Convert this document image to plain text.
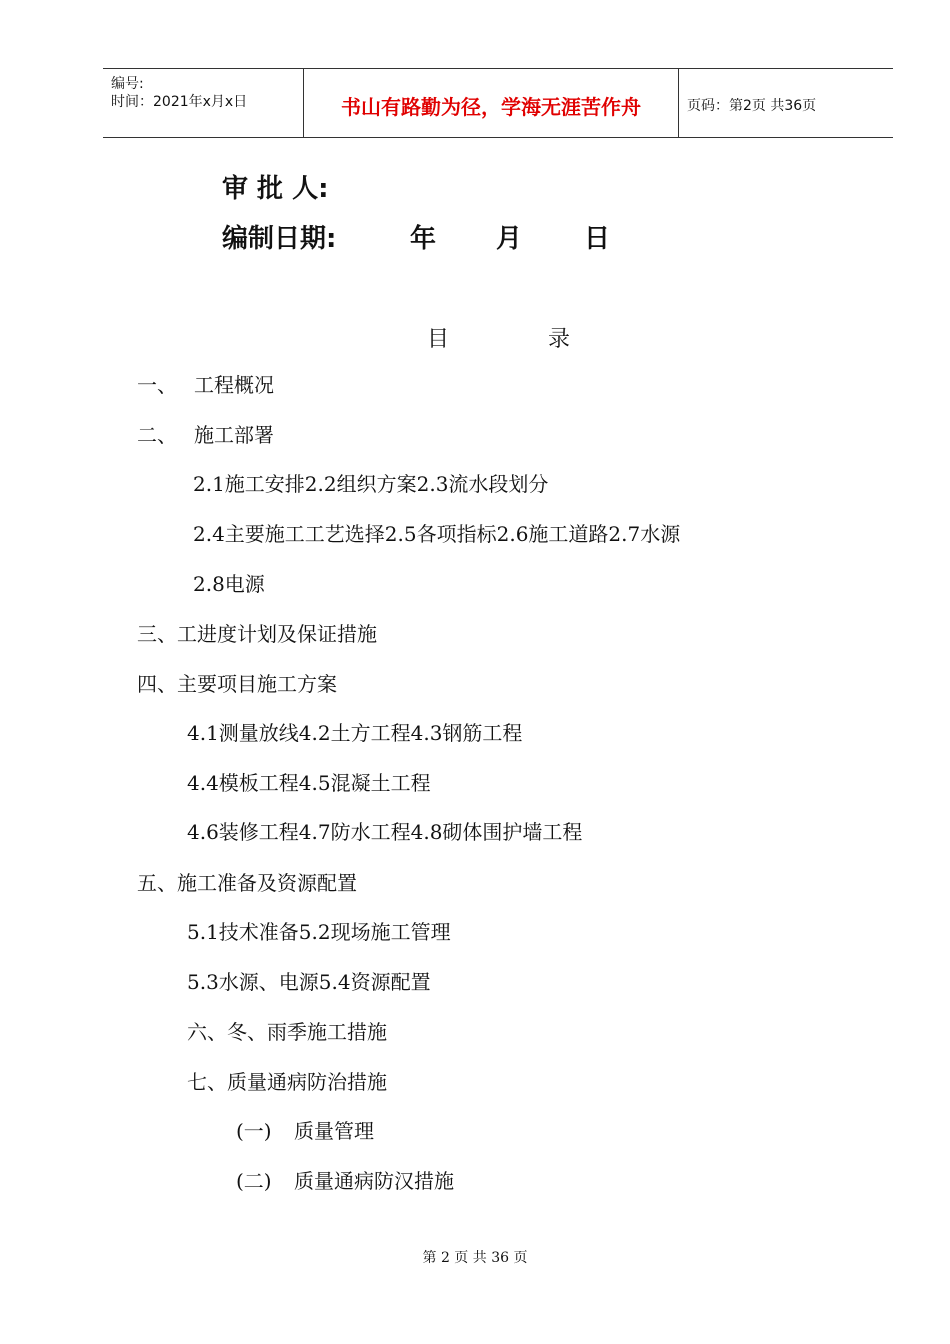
编号:
时间：2021年x月x日	书山有路勤为径，学海无涯苦作舟	页码：第2页 共36页
审 批 人:
编制日期:	年 月 日
目	录
一、 工程概况
二、 施工部署
2.1施工安排2.2组织方案2.3流水段划分
2.4主要施工工艺选择2.5各项指标2.6施工道路2.7水源
2.8电源
三、工进度计划及保证措施
四、主要项目施工方案
4.1测量放线4.2土方工程4.3钢筋工程
4.4模板工程4.5混凝土工程
4.6装修工程4.7防水工程4.8砌体围护墙工程
五、施工准备及资源配置
5.1技术准备5.2现场施工管理
5.3水源、电源5.4资源配置
六、冬、雨季施工措施
七、质量通病防治措施
(一) 质量管理
(二) 质量通病防汉措施
第 2 页 共 36 页
